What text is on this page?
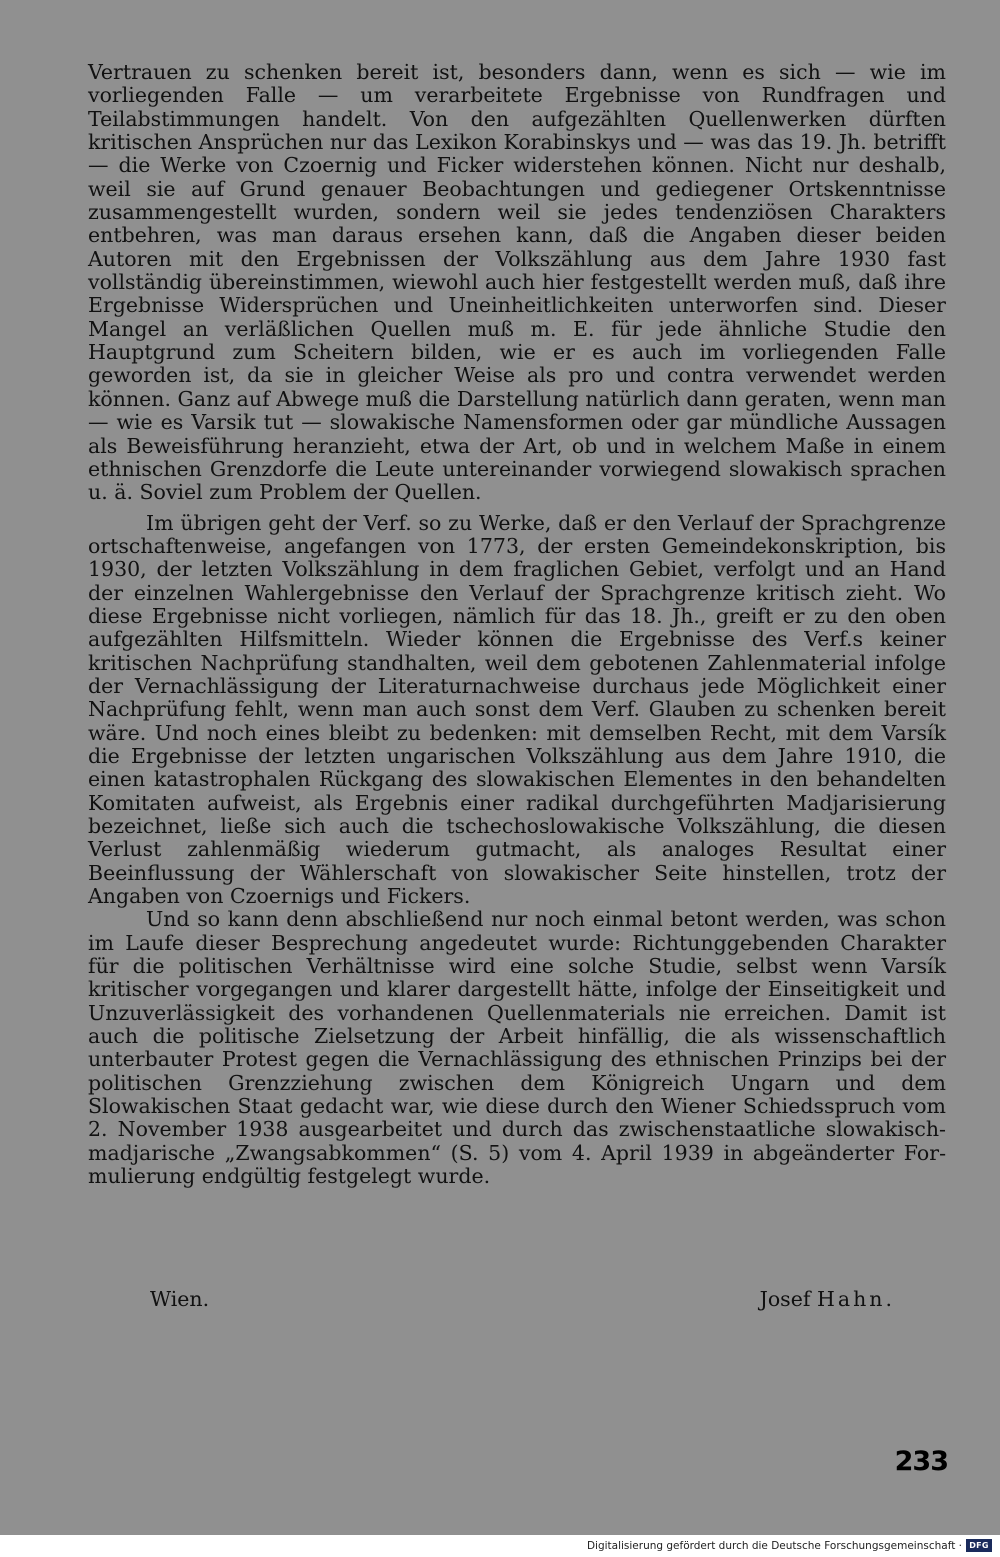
Vertrauen zu schenken bereit ist, besonders dann, wenn es sich — wie im vorliegenden Falle — um verarbeitete Ergebnisse von Rundfragen und Teilabstimmungen handelt. Von den aufgezählten Quellenwerken dürften kritischen Ansprüchen nur das Lexikon Korabinskys und — was das 19. Jh. betrifft — die Werke von Czoernig und Ficker widerstehen können. Nicht nur deshalb, weil sie auf Grund genauer Beobachtungen und gediegener Ortskenntnisse zusammengestellt wurden, sondern weil sie jedes tendenziösen Charakters entbehren, was man daraus ersehen kann, daß die Angaben dieser beiden Autoren mit den Ergebnissen der Volkszählung aus dem Jahre 1930 fast vollständig übereinstimmen, wiewohl auch hier festgestellt werden muß, daß ihre Ergebnisse Widersprüchen und Uneinheitlichkeiten unterworfen sind. Dieser Mangel an verläßlichen Quellen muß m. E. für jede ähnliche Studie den Hauptgrund zum Scheitern bilden, wie er es auch im vorliegenden Falle geworden ist, da sie in gleicher Weise als pro und contra verwendet werden können. Ganz auf Abwege muß die Darstellung natürlich dann geraten, wenn man — wie es Varsik tut — slowakische Namensformen oder gar mündliche Aussagen als Beweisführung heranzieht, etwa der Art, ob und in welchem Maße in einem ethnischen Grenzdorfe die Leute untereinander vorwiegend slowakisch sprachen u. ä. Soviel zum Problem der Quellen.

Im übrigen geht der Verf. so zu Werke, daß er den Verlauf der Sprachgrenze ortschaftenweise, angefangen von 1773, der ersten Gemeindekonskription, bis 1930, der letzten Volkszählung in dem fraglichen Gebiet, verfolgt und an Hand der einzelnen Wahlergebnisse den Verlauf der Sprachgrenze kritisch zieht. Wo diese Ergebnisse nicht vorliegen, nämlich für das 18. Jh., greift er zu den oben aufgezählten Hilfsmitteln. Wieder können die Ergebnisse des Verf.s keiner kritischen Nachprüfung standhalten, weil dem gebotenen Zahlenmaterial infolge der Vernachlässigung der Literaturnachweise durchaus jede Möglichkeit einer Nachprüfung fehlt, wenn man auch sonst dem Verf. Glauben zu schenken bereit wäre. Und noch eines bleibt zu bedenken: mit demselben Recht, mit dem Varsík die Ergebnisse der letzten ungarischen Volkszählung aus dem Jahre 1910, die einen katastrophalen Rückgang des slowakischen Elementes in den behandelten Komitaten aufweist, als Ergebnis einer radikal durchgeführten Madjarisierung bezeichnet, ließe sich auch die tschechoslowakische Volkszählung, die diesen Verlust zahlenmäßig wiederum gutmacht, als analoges Resultat einer Beeinflussung der Wählerschaft von slowakischer Seite hinstellen, trotz der Angaben von Czoernigs und Fickers.

Und so kann denn abschließend nur noch einmal betont werden, was schon im Laufe dieser Besprechung angedeutet wurde: Richtunggebenden Charakter für die politischen Verhältnisse wird eine solche Studie, selbst wenn Varsík kritischer vorgegangen und klarer dargestellt hätte, infolge der Einseitigkeit und Unzuverlässigkeit des vorhandenen Quellenmaterials nie erreichen. Damit ist auch die politische Zielsetzung der Arbeit hinfällig, die als wissenschaftlich unterbauter Protest gegen die Vernachlässigung des ethnischen Prinzips bei der politischen Grenzziehung zwischen dem Königreich Ungarn und dem Slowakischen Staat gedacht war, wie diese durch den Wiener Schiedsspruch vom 2. November 1938 ausgearbeitet und durch das zwischenstaatliche slowakisch-madjarische „Zwangsabkommen“ (S. 5) vom 4. April 1939 in abgeänderter Formulierung endgültig festgelegt wurde.

Wien.	Josef Hahn.
233
Digitalisierung gefördert durch die Deutsche Forschungsgemeinschaft · DFG
